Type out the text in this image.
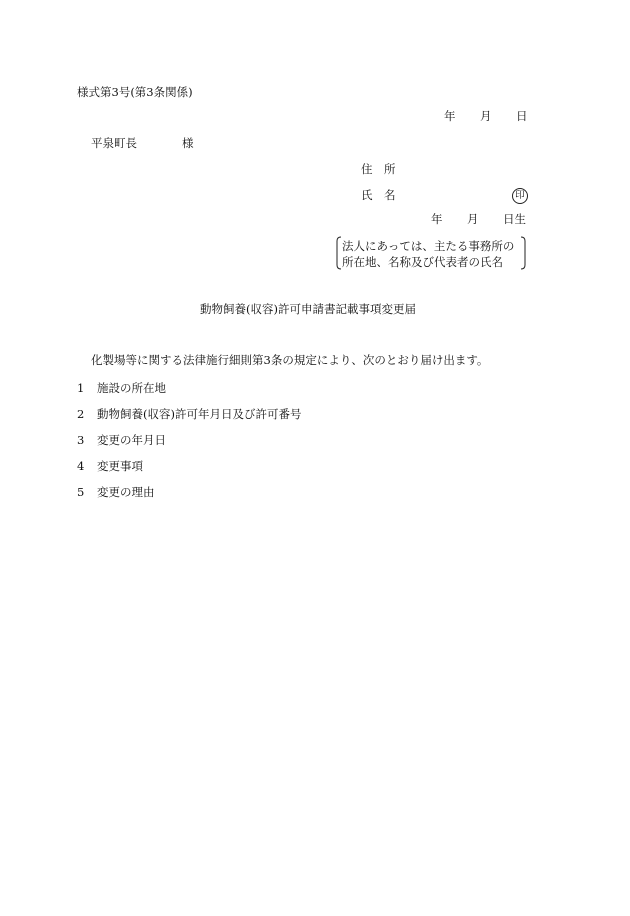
様式第3号(第3条関係)
年 月 日
平泉町長	様
住　所
氏　名	印
年 月 日生
法人にあっては、主たる事務所の
所在地、名称及び代表者の氏名
動物飼養(収容)許可申請書記載事項変更届
化製場等に関する法律施行細則第3条の規定により、次のとおり届け出ます。
1 施設の所在地
2 動物飼養(収容)許可年月日及び許可番号
3 変更の年月日
4 変更事項
5 変更の理由
